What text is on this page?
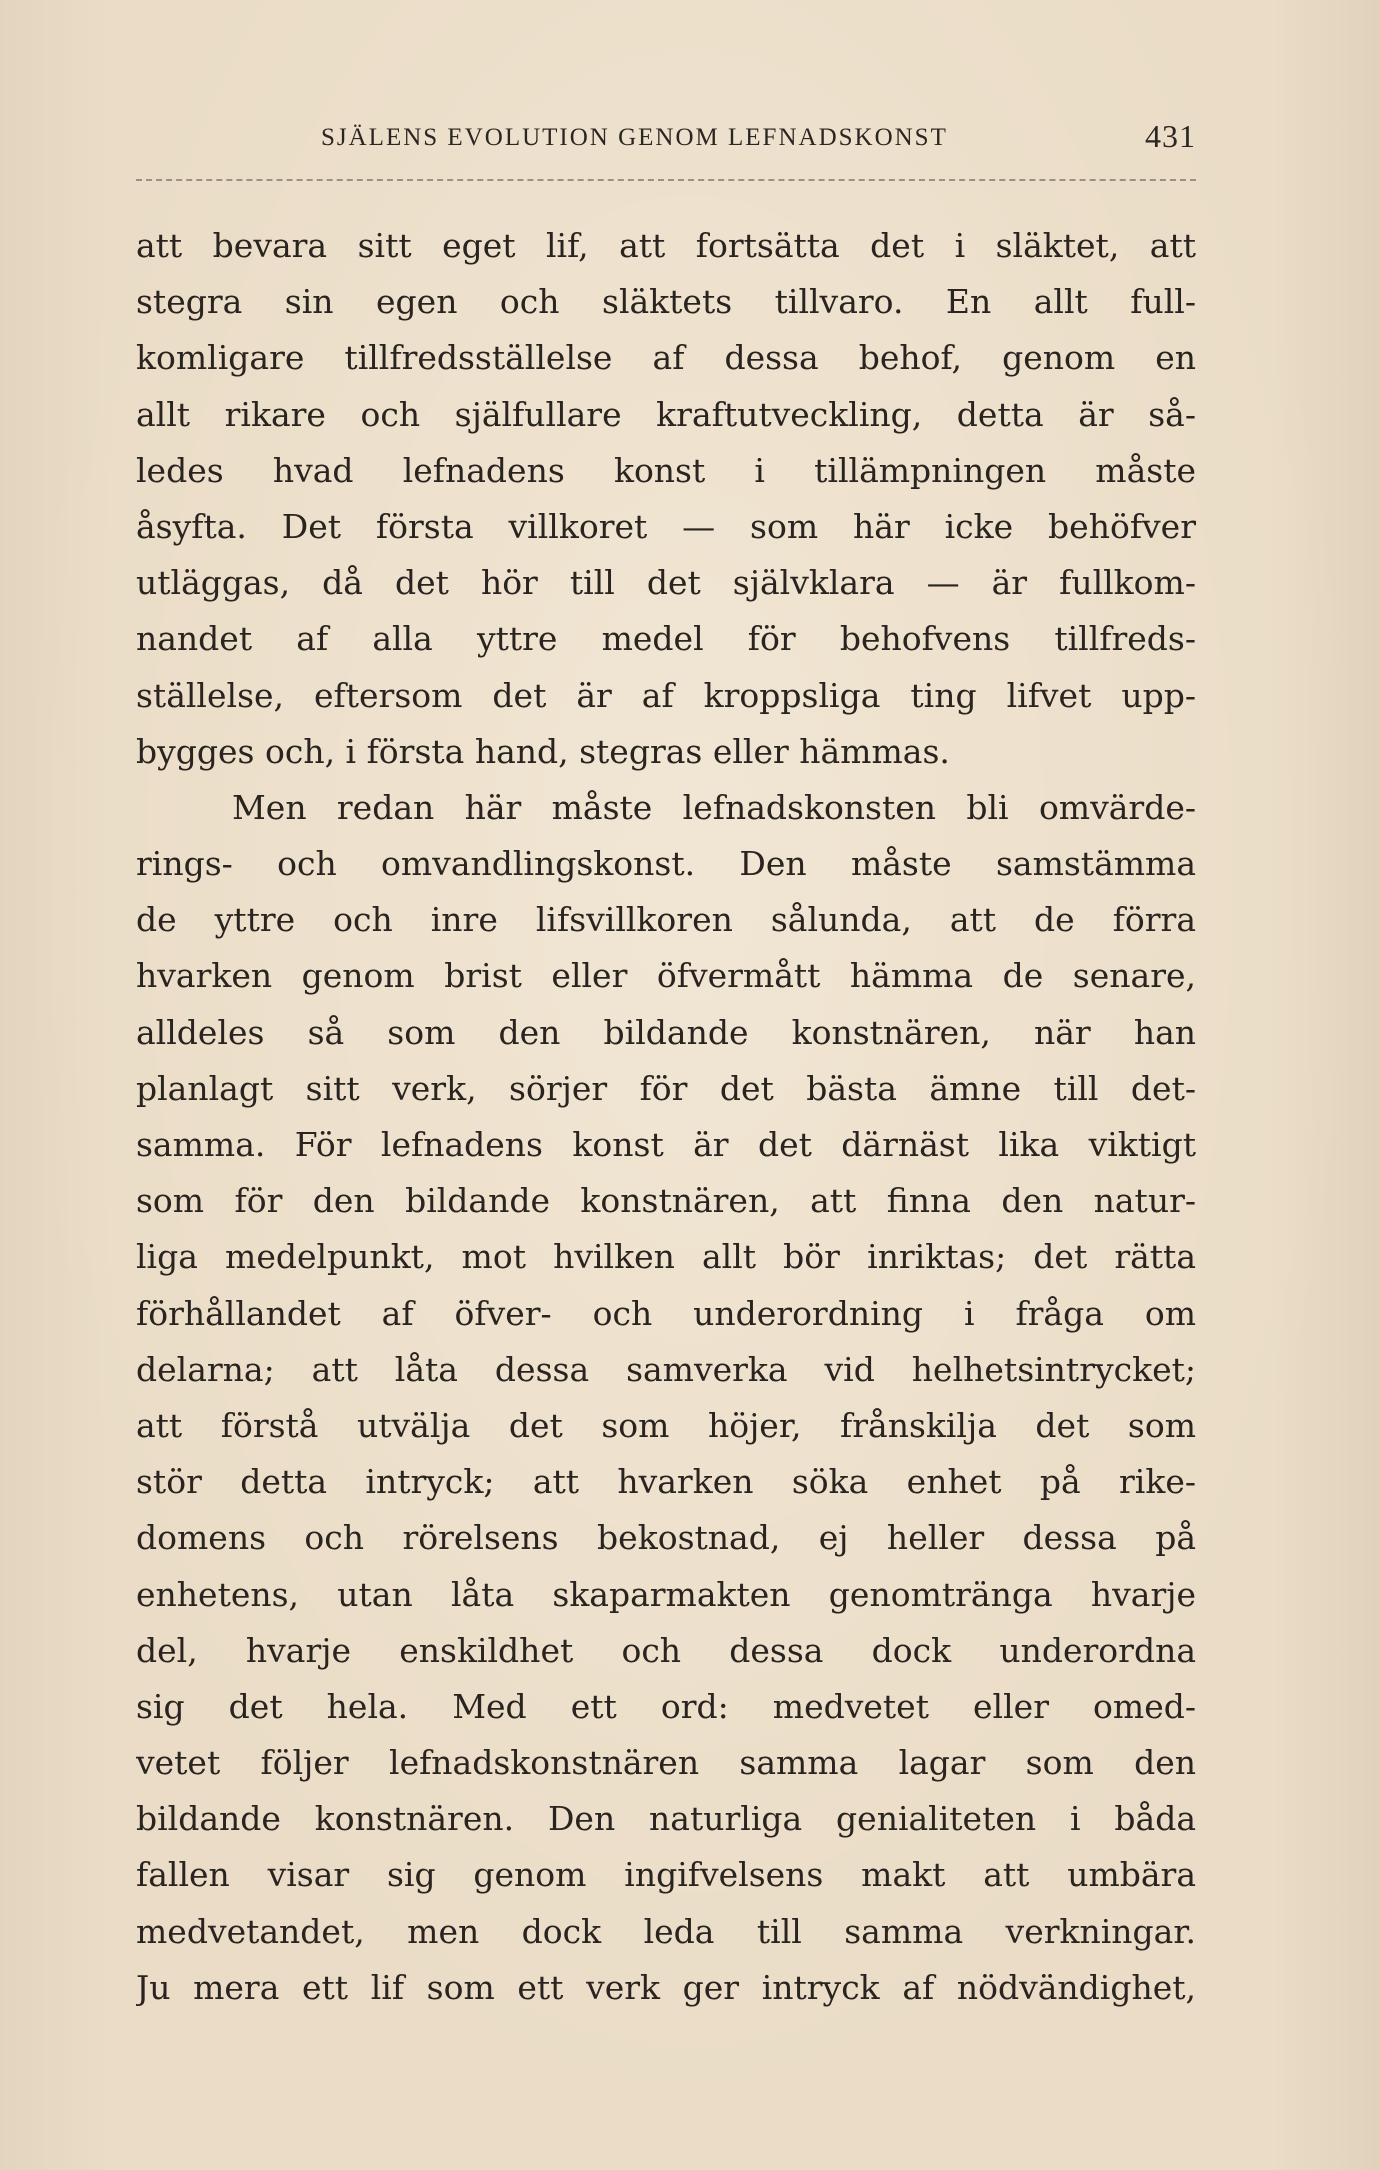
SJÄLENS EVOLUTION GENOM LEFNADSKONST	431
att bevara sitt eget lif, att fortsätta det i släktet, att
stegra sin egen och släktets tillvaro. En allt full-
komligare tillfredsställelse af dessa behof, genom en
allt rikare och själfullare kraftutveckling, detta är så-
ledes hvad lefnadens konst i tillämpningen måste
åsyfta. Det första villkoret — som här icke behöfver
utläggas, då det hör till det självklara — är fullkom-
nandet af alla yttre medel för behofvens tillfreds-
ställelse, eftersom det är af kroppsliga ting lifvet upp-
bygges och, i första hand, stegras eller hämmas.
Men redan här måste lefnadskonsten bli omvärde-
rings- och omvandlingskonst. Den måste samstämma
de yttre och inre lifsvillkoren sålunda, att de förra
hvarken genom brist eller öfvermått hämma de senare,
alldeles så som den bildande konstnären, när han
planlagt sitt verk, sörjer för det bästa ämne till det-
samma. För lefnadens konst är det därnäst lika viktigt
som för den bildande konstnären, att finna den natur-
liga medelpunkt, mot hvilken allt bör inriktas; det rätta
förhållandet af öfver- och underordning i fråga om
delarna; att låta dessa samverka vid helhetsintrycket;
att förstå utvälja det som höjer, frånskilja det som
stör detta intryck; att hvarken söka enhet på rike-
domens och rörelsens bekostnad, ej heller dessa på
enhetens, utan låta skaparmakten genomtränga hvarje
del, hvarje enskildhet och dessa dock underordna
sig det hela. Med ett ord: medvetet eller omed-
vetet följer lefnadskonstnären samma lagar som den
bildande konstnären. Den naturliga genialiteten i båda
fallen visar sig genom ingifvelsens makt att umbära
medvetandet, men dock leda till samma verkningar.
Ju mera ett lif som ett verk ger intryck af nödvändighet,
